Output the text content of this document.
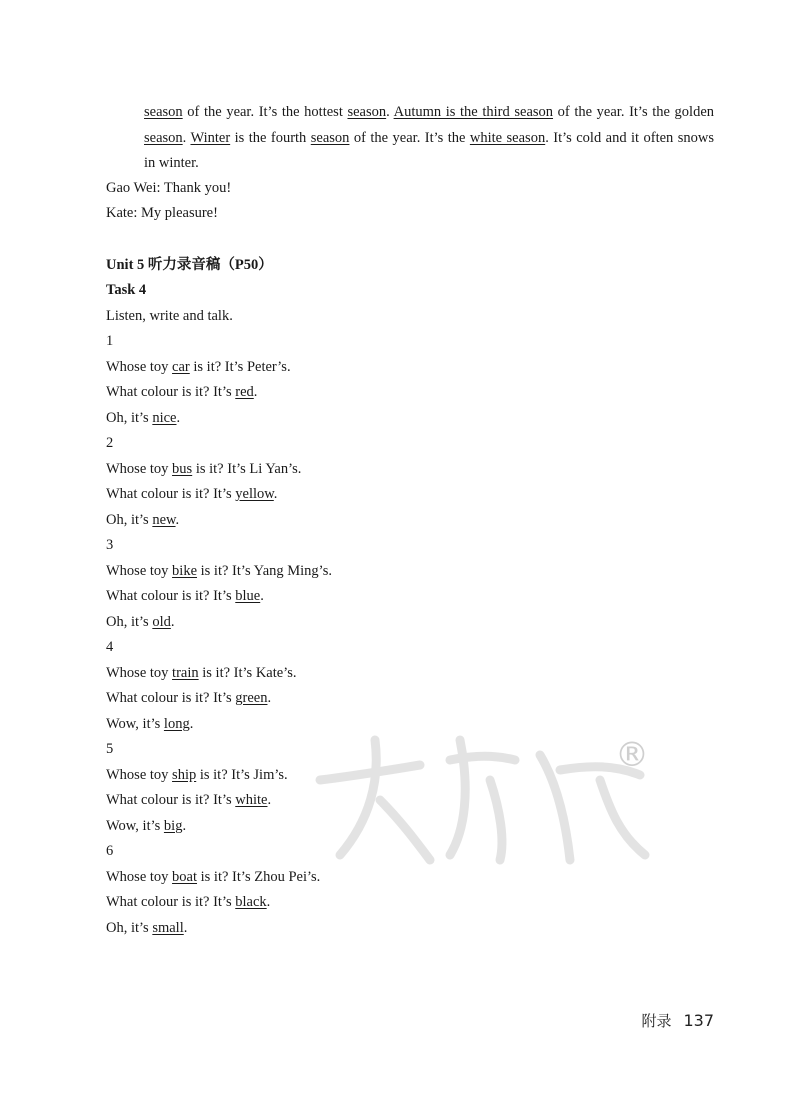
season of the year. It’s the hottest season. Autumn is the third season of the year. It’s the golden season. Winter is the fourth season of the year. It’s the white season. It’s cold and it often snows in winter.
Gao Wei: Thank you!
Kate: My pleasure!
Unit 5 听力录音稿（P50）
Task 4
Listen, write and talk.
1
Whose toy car is it? It’s Peter’s.
What colour is it? It’s red.
Oh, it’s nice.
2
Whose toy bus is it? It’s Li Yan’s.
What colour is it? It’s yellow.
Oh, it’s new.
3
Whose toy bike is it? It’s Yang Ming’s.
What colour is it? It’s blue.
Oh, it’s old.
4
Whose toy train is it? It’s Kate’s.
What colour is it? It’s green.
Wow, it’s long.
5
Whose toy ship is it? It’s Jim’s.
What colour is it? It’s white.
Wow, it’s big.
6
Whose toy boat is it? It’s Zhou Pei’s.
What colour is it? It’s black.
Oh, it’s small.
®
附录 137
